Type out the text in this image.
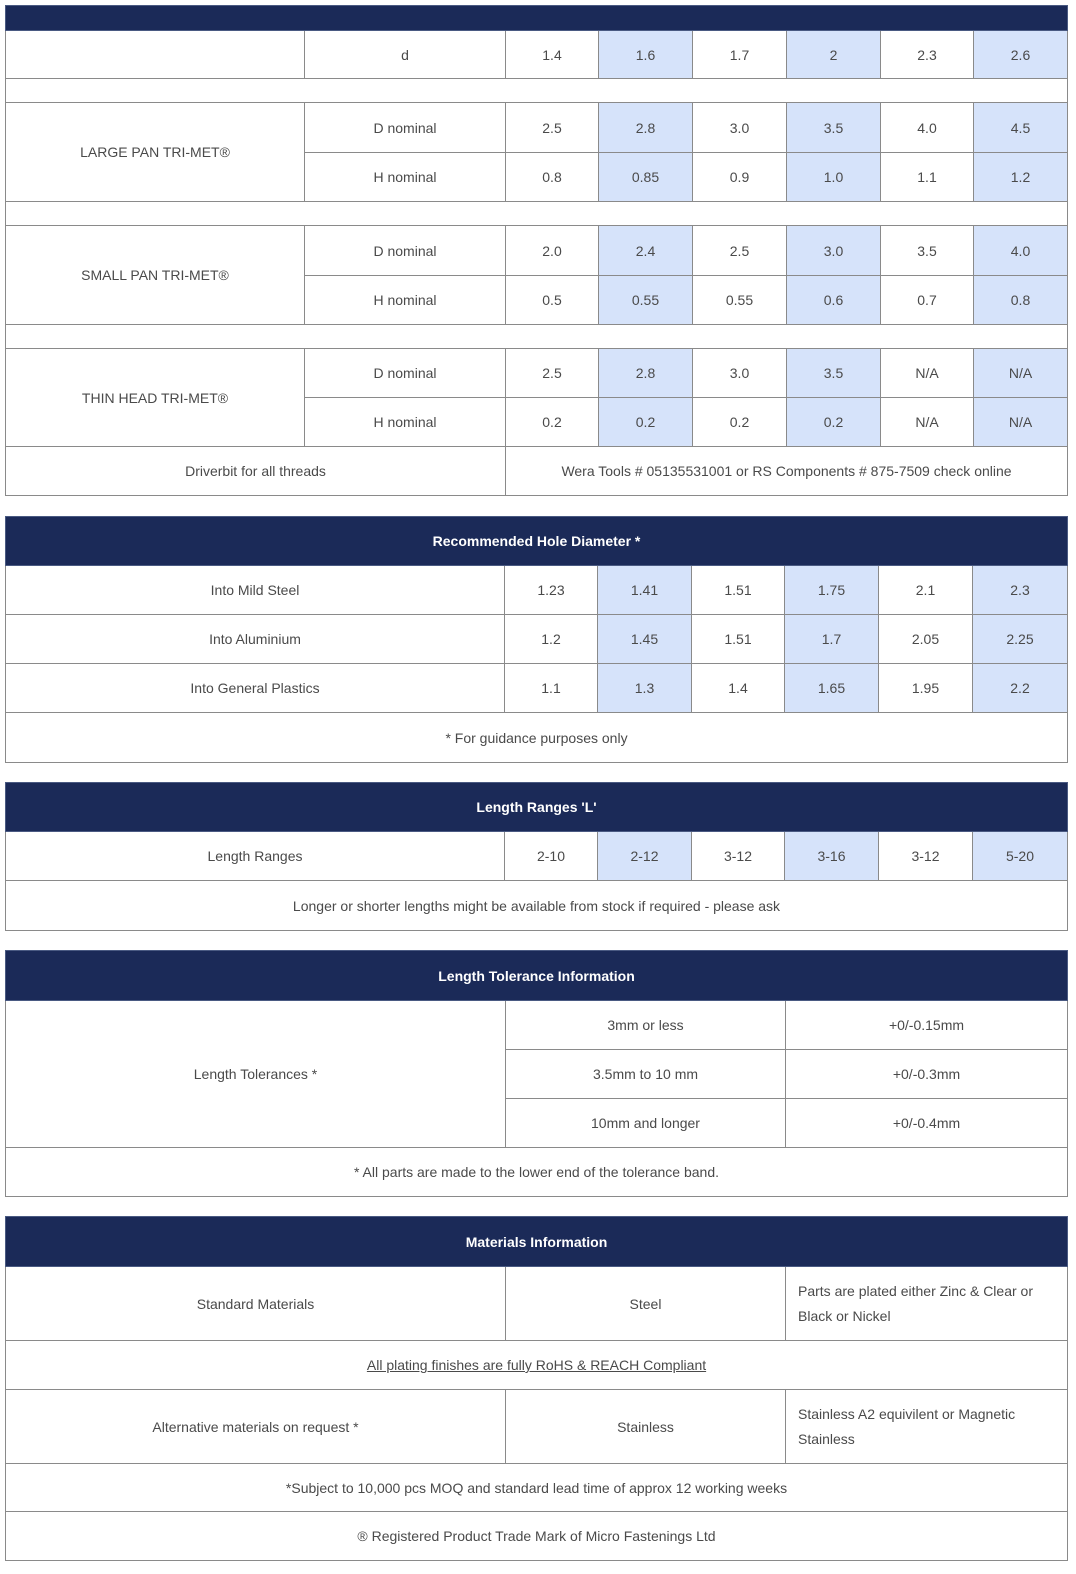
	d	1.4	1.6	1.7	2	2.3	2.6

LARGE PAN TRI-MET®	D nominal	2.5	2.8	3.0	3.5	4.0	4.5
	H nominal	0.8	0.85	0.9	1.0	1.1	1.2

SMALL PAN TRI-MET®	D nominal	2.0	2.4	2.5	3.0	3.5	4.0
	H nominal	0.5	0.55	0.55	0.6	0.7	0.8

THIN HEAD TRI-MET®	D nominal	2.5	2.8	3.0	3.5	N/A	N/A
	H nominal	0.2	0.2	0.2	0.2	N/A	N/A
Driverbit for all threads		Wera Tools # 05135531001 or RS Components # 875-7509 check online					
Recommended Hole Diameter *						
Into Mild Steel	1.23	1.41	1.51	1.75	2.1	2.3
Into Aluminium	1.2	1.45	1.51	1.7	2.05	2.25
Into General Plastics	1.1	1.3	1.4	1.65	1.95	2.2
* For guidance purposes only						
Length Ranges 'L'
Length Ranges	2-10	2-12	3-12	3-16	3-12	5-20
Longer or shorter lengths might be available from stock if required - please ask
Length Tolerance Information		
Length Tolerances *	3mm or less	+0/-0.15mm
	3.5mm to 10 mm	+0/-0.3mm
	10mm and longer	+0/-0.4mm
* All parts are made to the lower end of the tolerance band.		
Materials Information		
Standard Materials	Steel	Parts are plated either Zinc & Clear or Black or Nickel
All plating finishes are fully RoHS & REACH Compliant		
Alternative materials on request *	Stainless	Stainless A2 equivilent or Magnetic Stainless
*Subject to 10,000 pcs MOQ and standard lead time of approx 12 working weeks		
® Registered Product Trade Mark of Micro Fastenings Ltd		
